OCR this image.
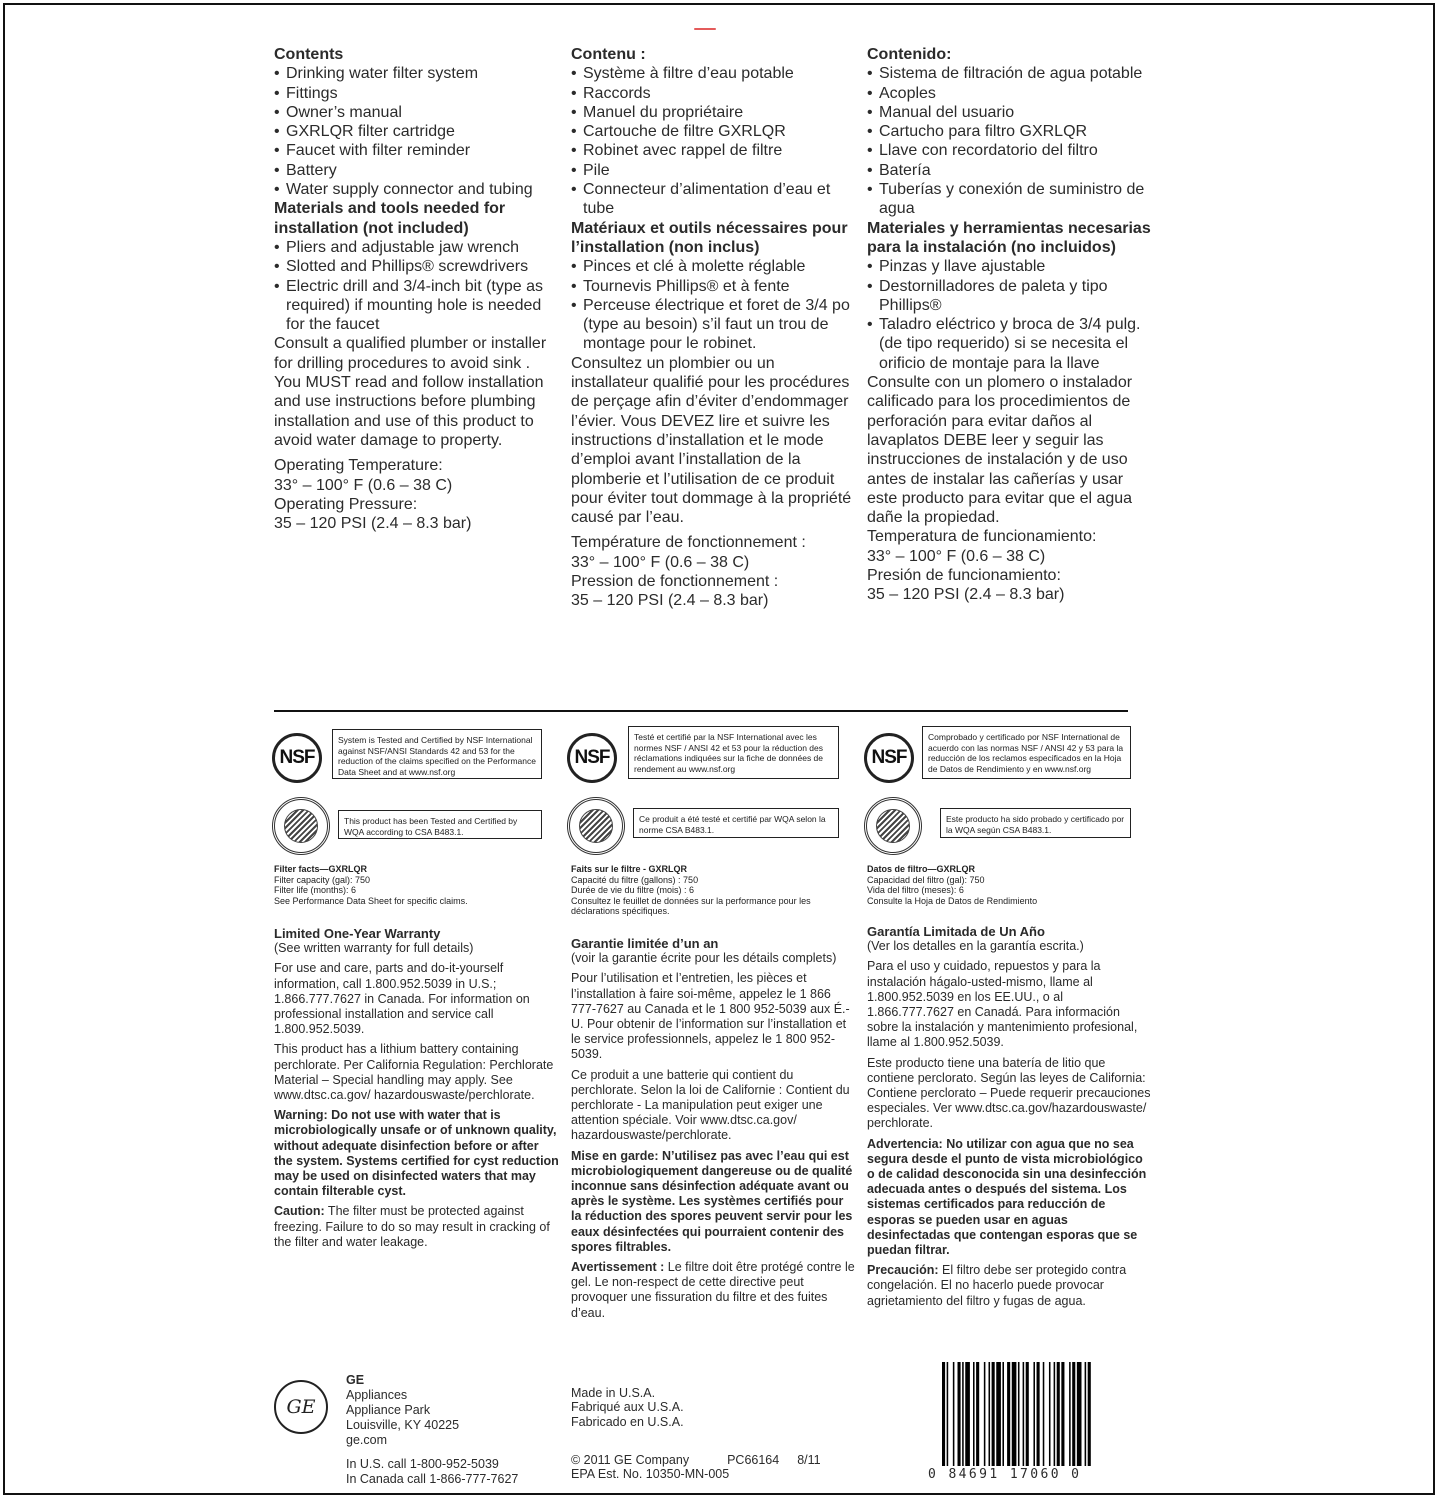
Contents
• Drinking water filter system
• Fittings
• Owner’s manual
• GXRLQR filter cartridge
• Faucet with filter reminder
• Battery
• Water supply connector and tubing
Materials and tools needed for installation (not included)
• Pliers and adjustable jaw wrench
• Slotted and Phillips® screwdrivers
• Electric drill and 3/4-inch bit (type as required) if mounting hole is needed for the faucet

Consult a qualified plumber or installer for drilling procedures to avoid sink . You MUST read and follow installation and use instructions before plumbing installation and use of this product to avoid water damage to property.

Operating Temperature:

33° – 100° F (0.6 – 38 C)

Operating Pressure:

35 – 120 PSI (2.4 – 8.3 bar)

Contenu :
• Système à filtre d’eau potable
• Raccords
• Manuel du propriétaire
• Cartouche de filtre GXRLQR
• Robinet avec rappel de filtre
• Pile
• Connecteur d’alimentation d’eau et tube
Matériaux et outils nécessaires pour l’installation (non inclus)
• Pinces et clé à molette réglable
• Tournevis Phillips® et à fente
• Perceuse électrique et foret de 3/4 po (type au besoin) s’il faut un trou de montage pour le robinet.

Consultez un plombier ou un installateur qualifié pour les procédures de perçage afin d’éviter d’endommager l’évier. Vous DEVEZ lire et suivre les instructions d’installation et le mode d’emploi avant l’installation de la plomberie et l’utilisation de ce produit pour éviter tout dommage à la propriété causé par l’eau.

Température de fonctionnement :

33° – 100° F (0.6 – 38 C)

Pression de fonctionnement :

35 – 120 PSI (2.4 – 8.3 bar)

Contenido:
• Sistema de filtración de agua potable
• Acoples
• Manual del usuario
• Cartucho para filtro GXRLQR
• Llave con recordatorio del filtro
• Batería
• Tuberías y conexión de suministro de agua
Materiales y herramientas necesarias para la instalación (no incluidos)
• Pinzas y llave ajustable
• Destornilladores de paleta y tipo Phillips®
• Taladro eléctrico y broca de 3/4 pulg. (de tipo requerido) si se necesita el orificio de montaje para la llave

Consulte con un plomero o instalador calificado para los procedimientos de perforación para evitar daños al lavaplatos DEBE leer y seguir las instrucciones de instalación y de uso antes de instalar las cañerías y usar este producto para evitar que el agua dañe la propiedad.

Temperatura de funcionamiento:

33° – 100° F (0.6 – 38 C)

Presión de funcionamiento:

35 – 120 PSI (2.4 – 8.3 bar)

NSF
System is Tested and Certified by NSF International against NSF/ANSI Standards 42 and 53 for the reduction of the claims specified on the Performance Data Sheet and at www.nsf.org
This product has been Tested and Certified by WQA according to CSA B483.1.
Filter facts—GXRLQR
Filter capacity (gal): 750
Filter life (months): 6
See Performance Data Sheet for specific claims.
NSF
Testé et certifié par la NSF International avec les normes NSF / ANSI 42 et 53 pour la réduction des réclamations indiquées sur la fiche de données de rendement au www.nsf.org
Ce produit a été testé et certifié par WQA selon la norme CSA B483.1.
Faits sur le filtre - GXRLQR
Capacité du filtre (gallons) : 750
Durée de vie du filtre (mois) : 6
Consultez le feuillet de données sur la performance pour les déclarations spécifiques.
NSF
Comprobado y certificado por NSF International de acuerdo con las normas NSF / ANSI 42 y 53 para la reducción de los reclamos especificados en la Hoja de Datos de Rendimiento y en www.nsf.org
Este producto ha sido probado y certificado por la WQA según CSA B483.1.
Datos de filtro—GXRLQR
Capacidad del filtro (gal): 750
Vida del filtro (meses): 6
Consulte la Hoja de Datos de Rendimiento
Limited One-Year Warranty

(See written warranty for full details)

For use and care, parts and do-it-yourself information, call 1.800.952.5039 in U.S.; 1.866.777.7627 in Canada. For information on professional installation and service call 1.800.952.5039.

This product has a lithium battery containing perchlorate. Per California Regulation: Perchlorate Material – Special handling may apply. See www.dtsc.ca.gov/ hazardouswaste/perchlorate.

Warning: Do not use with water that is microbiologically unsafe or of unknown quality, without adequate disinfection before or after the system. Systems certified for cyst reduction may be used on disinfected waters that may contain filterable cyst.

Caution: The filter must be protected against freezing. Failure to do so may result in cracking of the filter and water leakage.

Garantie limitée d’un an

(voir la garantie écrite pour les détails complets)

Pour l’utilisation et l’entretien, les pièces et l’installation à faire soi-même, appelez le 1 866 777-7627 au Canada et le 1 800 952-5039 aux É.-U. Pour obtenir de l’information sur l’installation et le service professionnels, appelez le 1 800 952-5039.

Ce produit a une batterie qui contient du perchlorate. Selon la loi de Californie : Contient du perchlorate - La manipulation peut exiger une attention spéciale. Voir www.dtsc.ca.gov/ hazardouswaste/perchlorate.

Mise en garde: N’utilisez pas avec l’eau qui est microbiologiquement dangereuse ou de qualité inconnue sans désinfection adéquate avant ou après le système. Les systèmes certifiés pour la réduction des spores peuvent servir pour les eaux désinfectées qui pourraient contenir des spores filtrables.

Avertissement : Le filtre doit être protégé contre le gel. Le non-respect de cette directive peut provoquer une fissuration du filtre et des fuites d’eau.

Garantía Limitada de Un Año

(Ver los detalles en la garantía escrita.)

Para el uso y cuidado, repuestos y para la instalación hágalo-usted-mismo, llame al 1.800.952.5039 en los EE.UU., o al 1.866.777.7627 en Canadá. Para información sobre la instalación y mantenimiento profesional, llame al 1.800.952.5039.

Este producto tiene una batería de litio que contiene perclorato. Según las leyes de California: Contiene perclorato – Puede requerir precauciones especiales. Ver www.dtsc.ca.gov/hazardouswaste/ perchlorate.

Advertencia: No utilizar con agua que no sea segura desde el punto de vista microbiológico o de calidad desconocida sin una desinfección adecuada antes o después del sistema. Los sistemas certificados para reducción de esporas se pueden usar en aguas desinfectadas que contengan esporas que se puedan filtrar.

Precaución: El filtro debe ser protegido contra congelación. El no hacerlo puede provocar agrietamiento del filtro y fugas de agua.

GE
GE
Appliances
Appliance Park
Louisville, KY 40225
ge.com
In U.S. call 1-800-952-5039
In Canada call 1-866-777-7627
Made in U.S.A.
Fabriqué aux U.S.A.
Fabricado en U.S.A.
© 2011 GE Company	PC66164 8/11
EPA Est. No. 10350-MN-005	0 84691 17060 0
